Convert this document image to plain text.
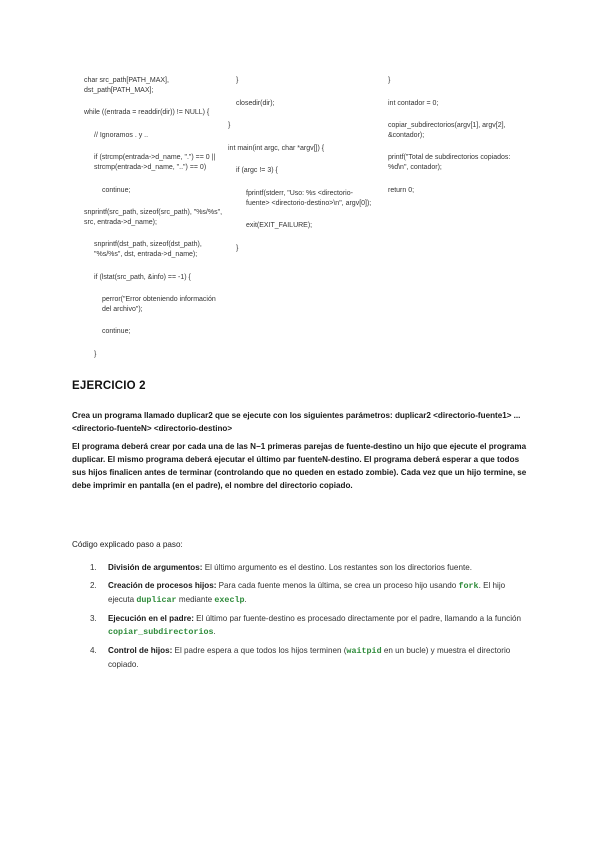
char src_path[PATH_MAX], dst_path[PATH_MAX];

while ((entrada = readdir(dir)) != NULL) {

// Ignoramos . y ..

if (strcmp(entrada->d_name, ".") == 0 || strcmp(entrada->d_name, "..") == 0)

continue;

snprintf(src_path, sizeof(src_path), "%s/%s", src, entrada->d_name);

snprintf(dst_path, sizeof(dst_path), "%s/%s", dst, entrada->d_name);

if (lstat(src_path, &info) == -1) {

perror("Error obteniendo información del archivo");

continue;

}

}

closedir(dir);

}

int main(int argc, char *argv[]) {

if (argc != 3) {

fprintf(stderr, "Uso: %s <directorio-fuente> <directorio-destino>\n", argv[0]);

exit(EXIT_FAILURE);

}

}

int contador = 0;

copiar_subdirectorios(argv[1], argv[2], &contador);

printf("Total de subdirectorios copiados: %d\n", contador);

return 0;

EJERCICIO 2
Crea un programa llamado duplicar2 que se ejecute con los siguientes parámetros: duplicar2 <directorio-fuente1> ... <directorio-fuenteN> <directorio-destino>
El programa deberá crear por cada una de las N−1 primeras parejas de fuente-destino un hijo que ejecute el programa duplicar. El mismo programa deberá ejecutar el último par fuenteN-destino. El programa deberá esperar a que todos sus hijos finalicen antes de terminar (controlando que no queden en estado zombie). Cada vez que un hijo termine, se debe imprimir en pantalla (en el padre), el nombre del directorio copiado.
Código explicado paso a paso:
1. División de argumentos: El último argumento es el destino. Los restantes son los directorios fuente.
2. Creación de procesos hijos: Para cada fuente menos la última, se crea un proceso hijo usando fork. El hijo ejecuta duplicar mediante execlp.
3. Ejecución en el padre: El último par fuente-destino es procesado directamente por el padre, llamando a la función copiar_subdirectorios.
4. Control de hijos: El padre espera a que todos los hijos terminen (waitpid en un bucle) y muestra el directorio copiado.
